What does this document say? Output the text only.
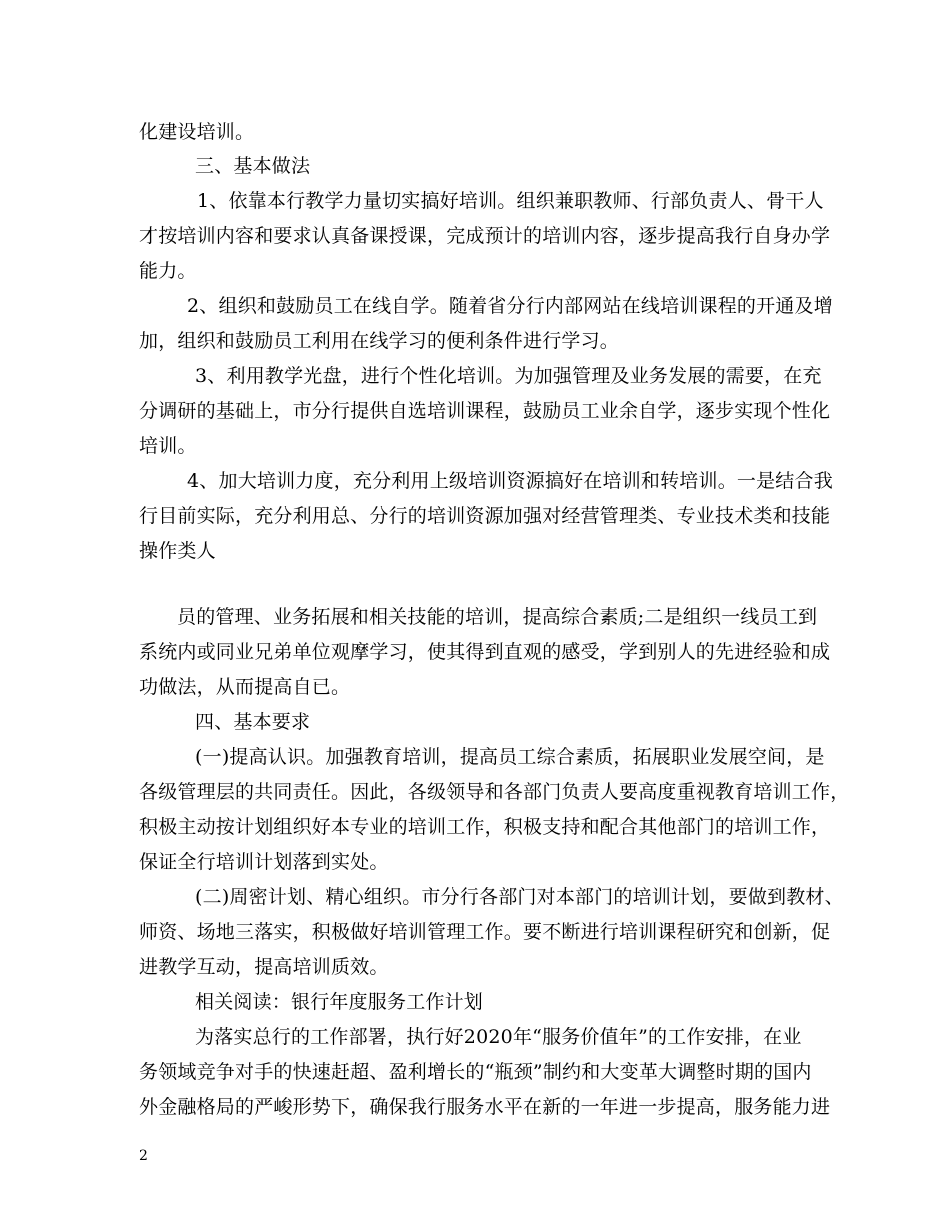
化建设培训。
三、基本做法
1、依靠本行教学力量切实搞好培训。组织兼职教师、行部负责人、骨干人
才按培训内容和要求认真备课授课，完成预计的培训内容，逐步提高我行自身办学
能力。
2、组织和鼓励员工在线自学。随着省分行内部网站在线培训课程的开通及增
加，组织和鼓励员工利用在线学习的便利条件进行学习。
3、利用教学光盘，进行个性化培训。为加强管理及业务发展的需要，在充
分调研的基础上，市分行提供自选培训课程，鼓励员工业余自学，逐步实现个性化
培训。
4、加大培训力度，充分利用上级培训资源搞好在培训和转培训。一是结合我
行目前实际，充分利用总、分行的培训资源加强对经营管理类、专业技术类和技能
操作类人
员的管理、业务拓展和相关技能的培训，提高综合素质;二是组织一线员工到
系统内或同业兄弟单位观摩学习，使其得到直观的感受，学到别人的先进经验和成
功做法，从而提高自已。
四、基本要求
(一)提高认识。加强教育培训，提高员工综合素质，拓展职业发展空间，是
各级管理层的共同责任。因此，各级领导和各部门负责人要高度重视教育培训工作，
积极主动按计划组织好本专业的培训工作，积极支持和配合其他部门的培训工作，
保证全行培训计划落到实处。
(二)周密计划、精心组织。市分行各部门对本部门的培训计划，要做到教材、
师资、场地三落实，积极做好培训管理工作。要不断进行培训课程研究和创新，促
进教学互动，提高培训质效。
相关阅读：银行年度服务工作计划
为落实总行的工作部署，执行好2020年“服务价值年”的工作安排，在业
务领域竞争对手的快速赶超、盈利增长的“瓶颈”制约和大变革大调整时期的国内
外金融格局的严峻形势下，确保我行服务水平在新的一年进一步提高，服务能力进
2
